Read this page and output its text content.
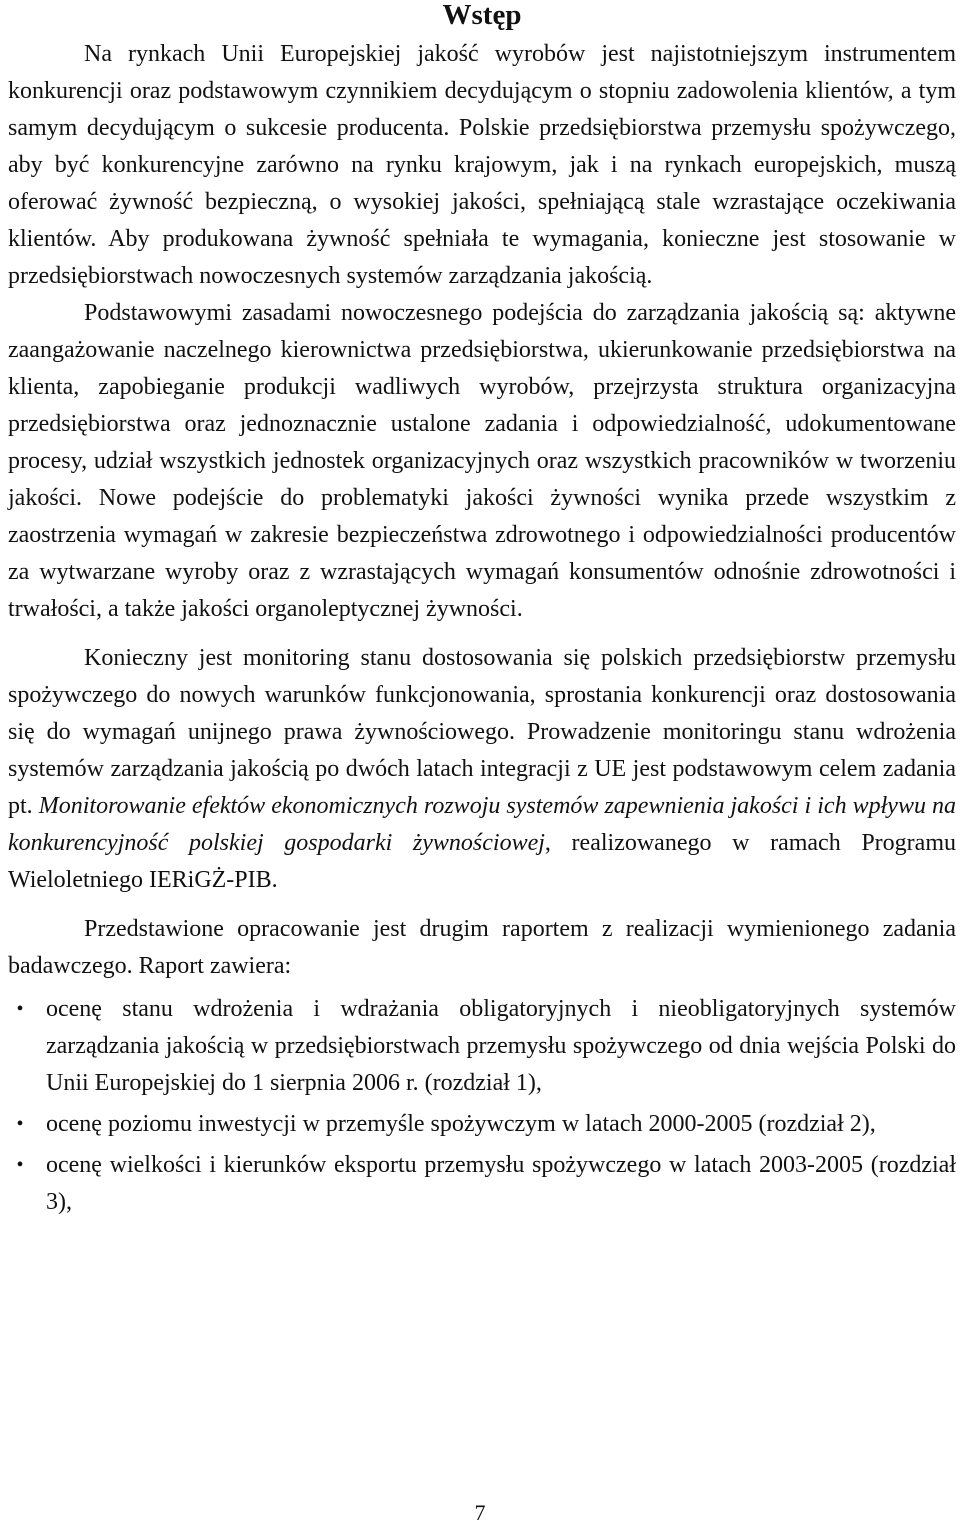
Wstęp

Na rynkach Unii Europejskiej jakość wyrobów jest najistotniejszym instrumentem konkurencji oraz podstawowym czynnikiem decydującym o stopniu zadowolenia klientów, a tym samym decydującym o sukcesie producenta. Polskie przedsiębiorstwa przemysłu spożywczego, aby być konkurencyjne zarówno na rynku krajowym, jak i na rynkach europejskich, muszą oferować żywność bezpieczną, o wysokiej jakości, spełniającą stale wzrastające oczekiwania klientów. Aby produkowana żywność spełniała te wymagania, konieczne jest stosowanie w przedsiębiorstwach nowoczesnych systemów zarządzania jakością.

Podstawowymi zasadami nowoczesnego podejścia do zarządzania jakością są: aktywne zaangażowanie naczelnego kierownictwa przedsiębiorstwa, ukierunkowanie przedsiębiorstwa na klienta, zapobieganie produkcji wadliwych wyrobów, przejrzysta struktura organizacyjna przedsiębiorstwa oraz jednoznacznie ustalone zadania i odpowiedzialność, udokumentowane procesy, udział wszystkich jednostek organizacyjnych oraz wszystkich pracowników w tworzeniu jakości. Nowe podejście do problematyki jakości żywności wynika przede wszystkim z zaostrzenia wymagań w zakresie bezpieczeństwa zdrowotnego i odpowiedzialności producentów za wytwarzane wyroby oraz z wzrastających wymagań konsumentów odnośnie zdrowotności i trwałości, a także jakości organoleptycznej żywności.

Konieczny jest monitoring stanu dostosowania się polskich przedsiębiorstw przemysłu spożywczego do nowych warunków funkcjonowania, sprostania konkurencji oraz dostosowania się do wymagań unijnego prawa żywnościowego. Prowadzenie monitoringu stanu wdrożenia systemów zarządzania jakością po dwóch latach integracji z UE jest podstawowym celem zadania pt. Monitorowanie efektów ekonomicznych rozwoju systemów zapewnienia jakości i ich wpływu na konkurencyjność polskiej gospodarki żywnościowej, realizowanego w ramach Programu Wieloletniego IERiGŻ-PIB.

Przedstawione opracowanie jest drugim raportem z realizacji wymienionego zadania badawczego. Raport zawiera:

• ocenę stanu wdrożenia i wdrażania obligatoryjnych i nieobligatoryjnych systemów zarządzania jakością w przedsiębiorstwach przemysłu spożywczego od dnia wejścia Polski do Unii Europejskiej do 1 sierpnia 2006 r. (rozdział 1),
• ocenę poziomu inwestycji w przemyśle spożywczym w latach 2000-2005 (rozdział 2),
• ocenę wielkości i kierunków eksportu przemysłu spożywczego w latach 2003-2005 (rozdział 3),
7
